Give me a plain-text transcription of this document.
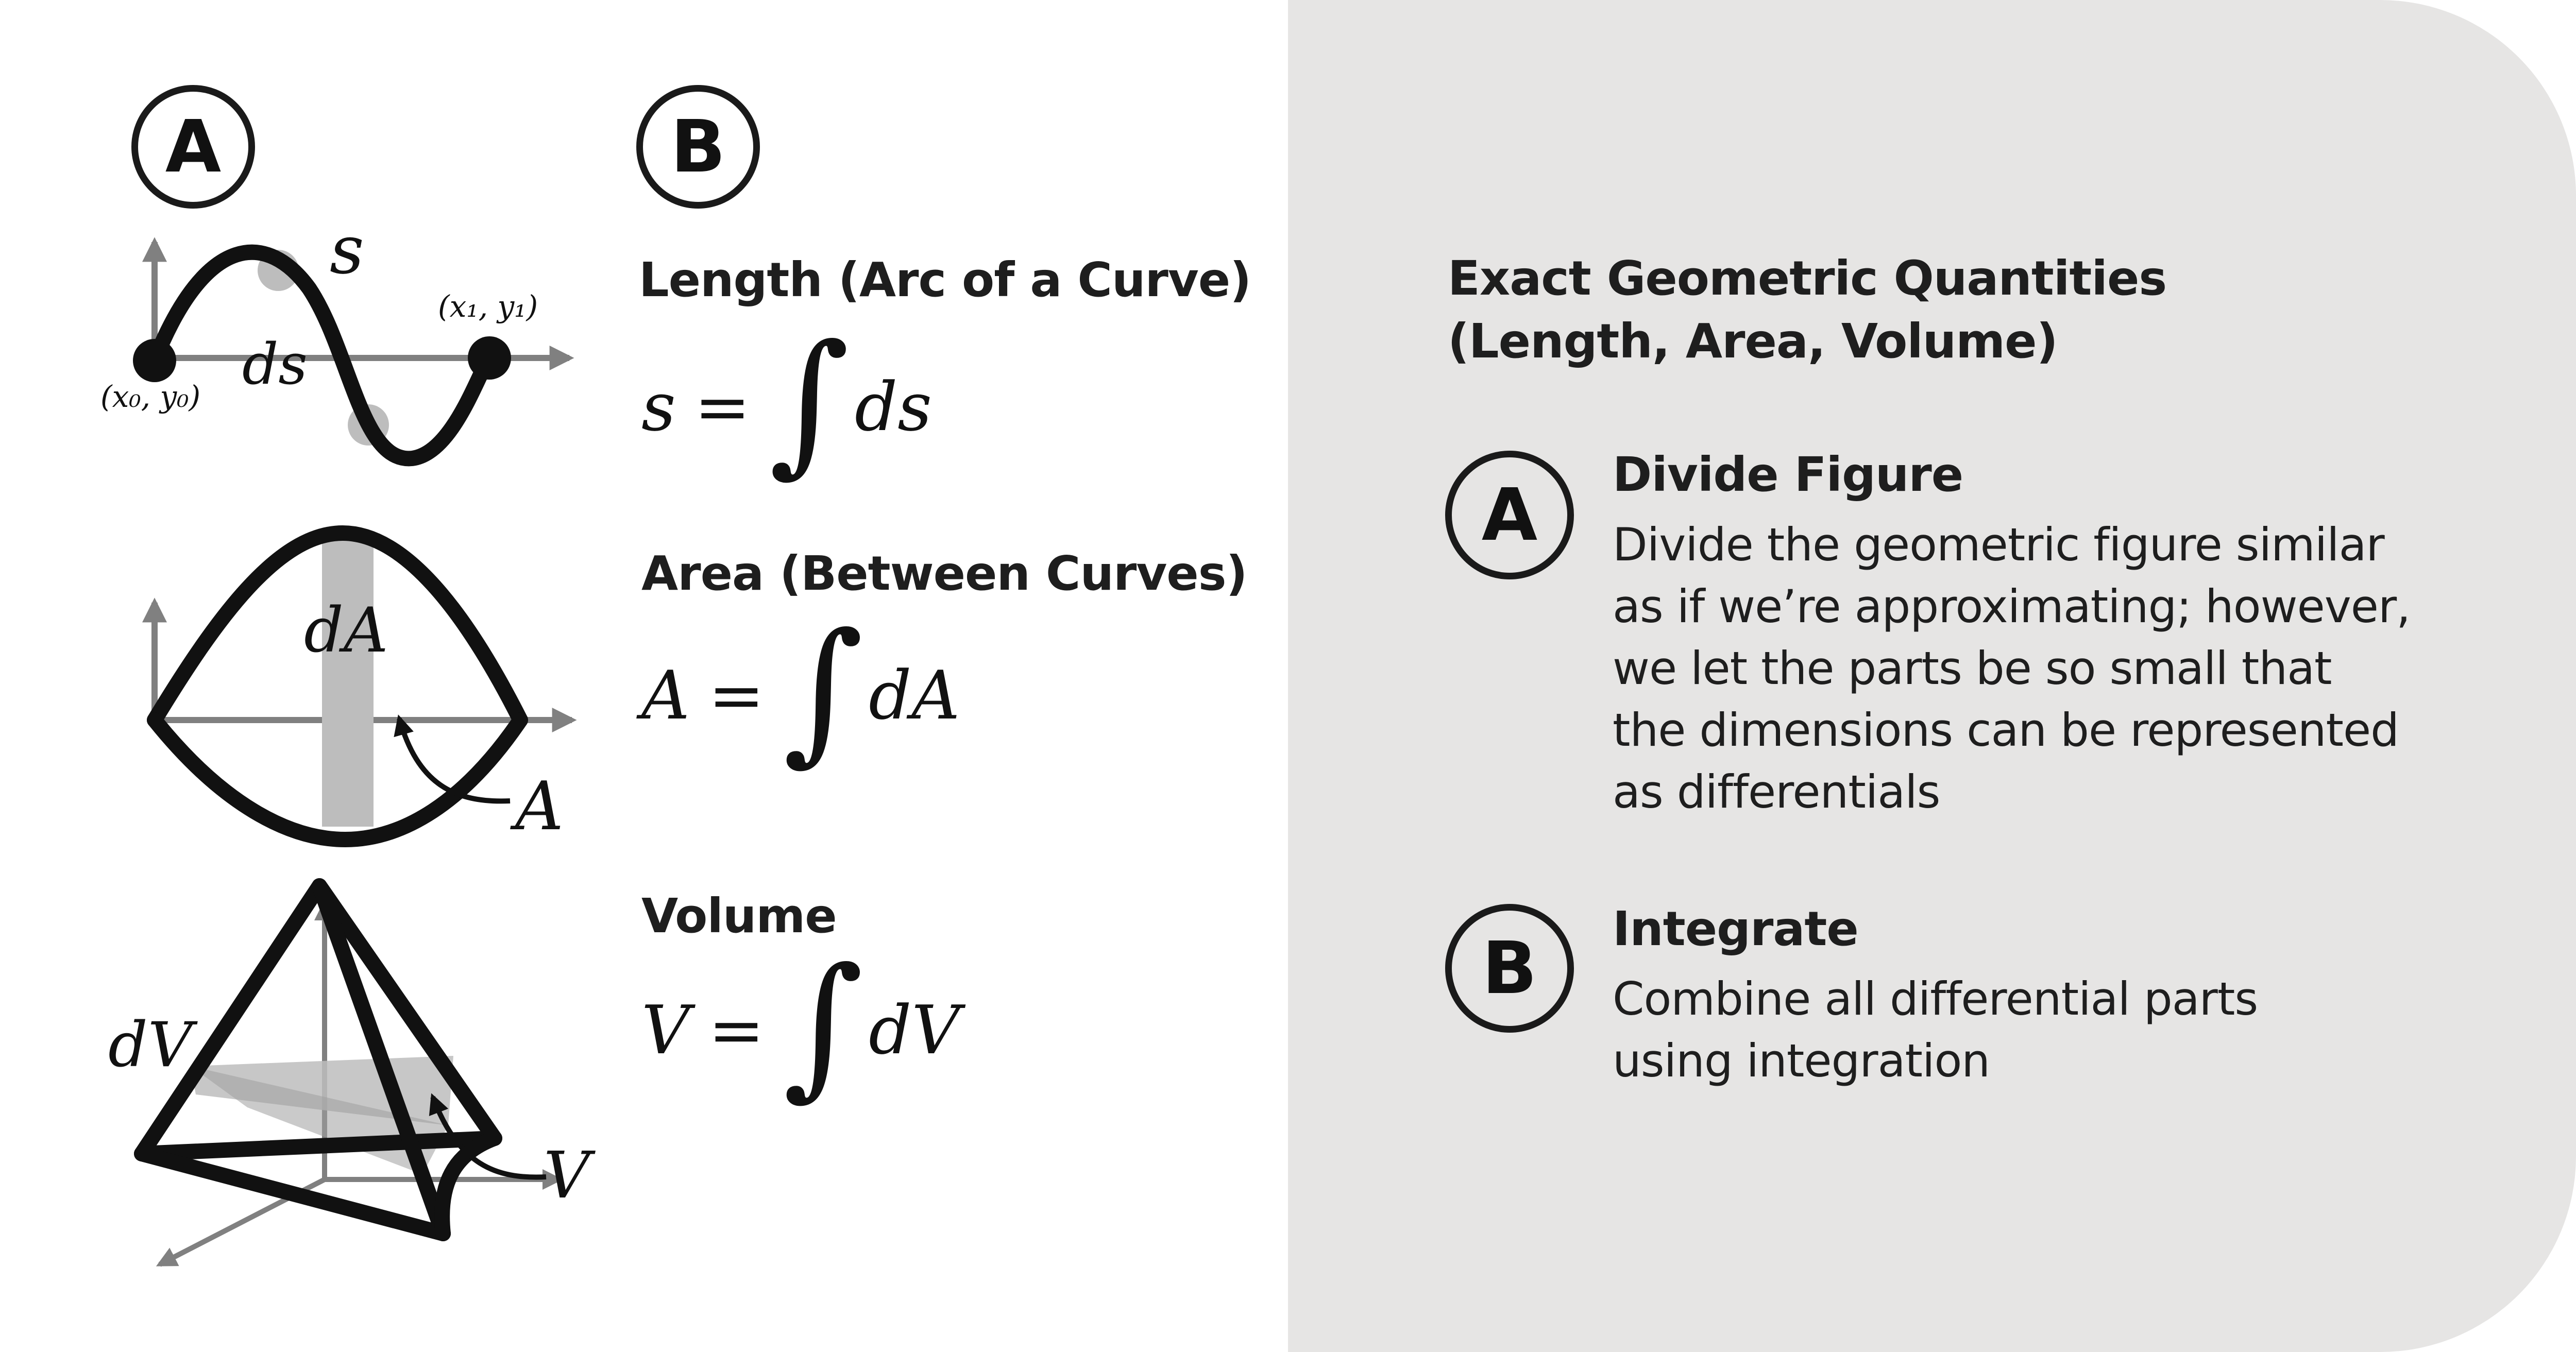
A	B
s
ds
(x₀, y₀)
(x₁, y₁)
dA
A
dV
V
Length (Arc of a Curve)
s = ∫ ds
Area (Between Curves)
A = ∫ dA
Volume
V = ∫ dV
Exact Geometric Quantities
(Length, Area, Volume)
A	Divide Figure
Divide the geometric figure similar
as if we’re approximating; however,
we let the parts be so small that
the dimensions can be represented
as differentials
B	Integrate
Combine all differential parts
using integration
